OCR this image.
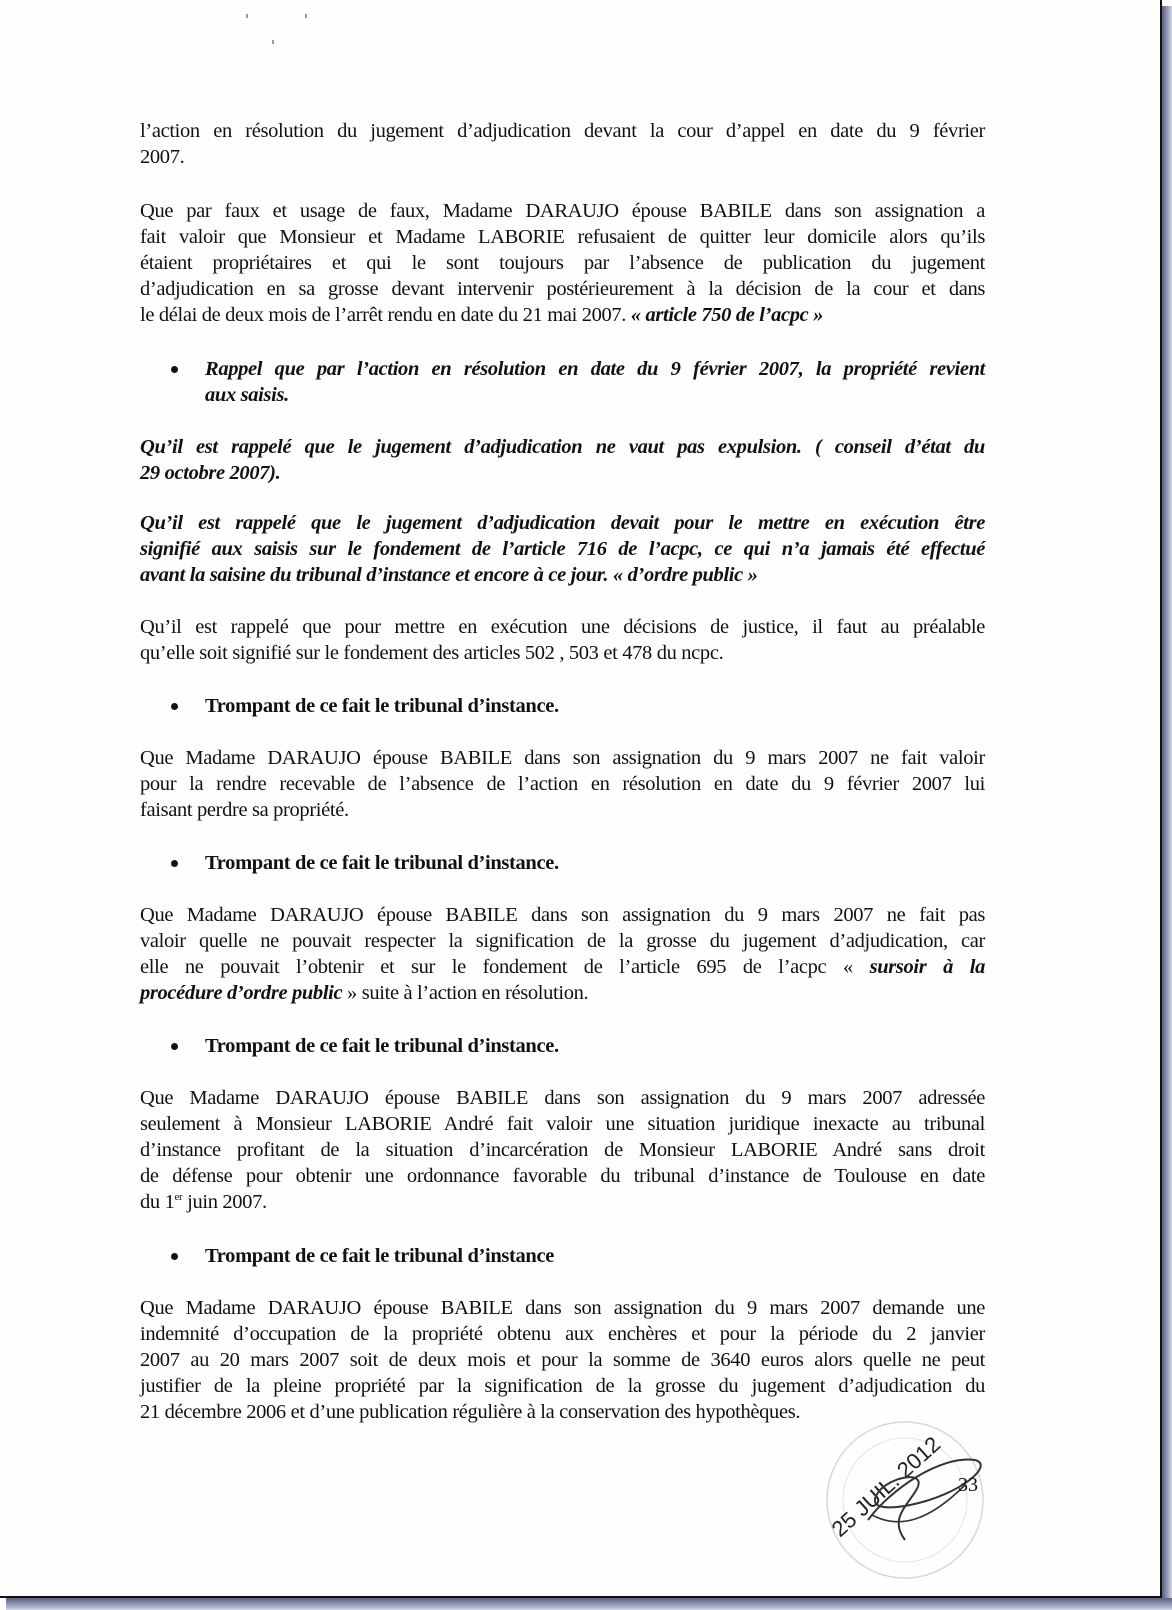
l’action en résolution du jugement d’adjudication devant la cour d’appel en date du 9 février
2007.
Que par faux et usage de faux, Madame DARAUJO épouse BABILE dans son assignation a
fait valoir que Monsieur et Madame LABORIE refusaient de quitter leur domicile alors qu’ils
étaient propriétaires et qui le sont toujours par l’absence de publication du jugement
d’adjudication en sa grosse devant intervenir postérieurement à la décision de la cour et dans
le délai de deux mois de l’arrêt rendu en date du 21 mai 2007. « article 750 de l’acpc »
Rappel que par l’action en résolution en date du 9 février 2007, la propriété revient
aux saisis.
Qu’il est rappelé que le jugement d’adjudication ne vaut pas expulsion. ( conseil d’état du
29 octobre 2007).
Qu’il est rappelé que le jugement d’adjudication devait pour le mettre en exécution être
signifié aux saisis sur le fondement de l’article 716 de l’acpc, ce qui n’a jamais été effectué
avant la saisine du tribunal d’instance et encore à ce jour. « d’ordre public »
Qu’il est rappelé que pour mettre en exécution une décisions de justice, il faut au préalable
qu’elle soit signifié sur le fondement des articles 502 , 503 et 478 du ncpc.
Trompant de ce fait le tribunal d’instance.
Que Madame DARAUJO épouse BABILE dans son assignation du 9 mars 2007 ne fait valoir
pour la rendre recevable de l’absence de l’action en résolution en date du 9 février 2007 lui
faisant perdre sa propriété.
Trompant de ce fait le tribunal d’instance.
Que Madame DARAUJO épouse BABILE dans son assignation du 9 mars 2007 ne fait pas
valoir quelle ne pouvait respecter la signification de la grosse du jugement d’adjudication, car
elle ne pouvait l’obtenir et sur le fondement de l’article 695 de l’acpc « sursoir à la
procédure d’ordre public » suite à l’action en résolution.
Trompant de ce fait le tribunal d’instance.
Que Madame DARAUJO épouse BABILE dans son assignation du 9 mars 2007 adressée
seulement à Monsieur LABORIE André fait valoir une situation juridique inexacte au tribunal
d’instance profitant de la situation d’incarcération de Monsieur LABORIE André sans droit
de défense pour obtenir une ordonnance favorable du tribunal d’instance de Toulouse en date
du 1er juin 2007.
Trompant de ce fait le tribunal d’instance
Que Madame DARAUJO épouse BABILE dans son assignation du 9 mars 2007 demande une
indemnité d’occupation de la propriété obtenu aux enchères et pour la période du 2 janvier
2007 au 20 mars 2007 soit de deux mois et pour la somme de 3640 euros alors quelle ne peut
justifier de la pleine propriété par la signification de la grosse du jugement d’adjudication du
21 décembre 2006 et d’une publication régulière à la conservation des hypothèques.
25 JUIL. 2012 33
